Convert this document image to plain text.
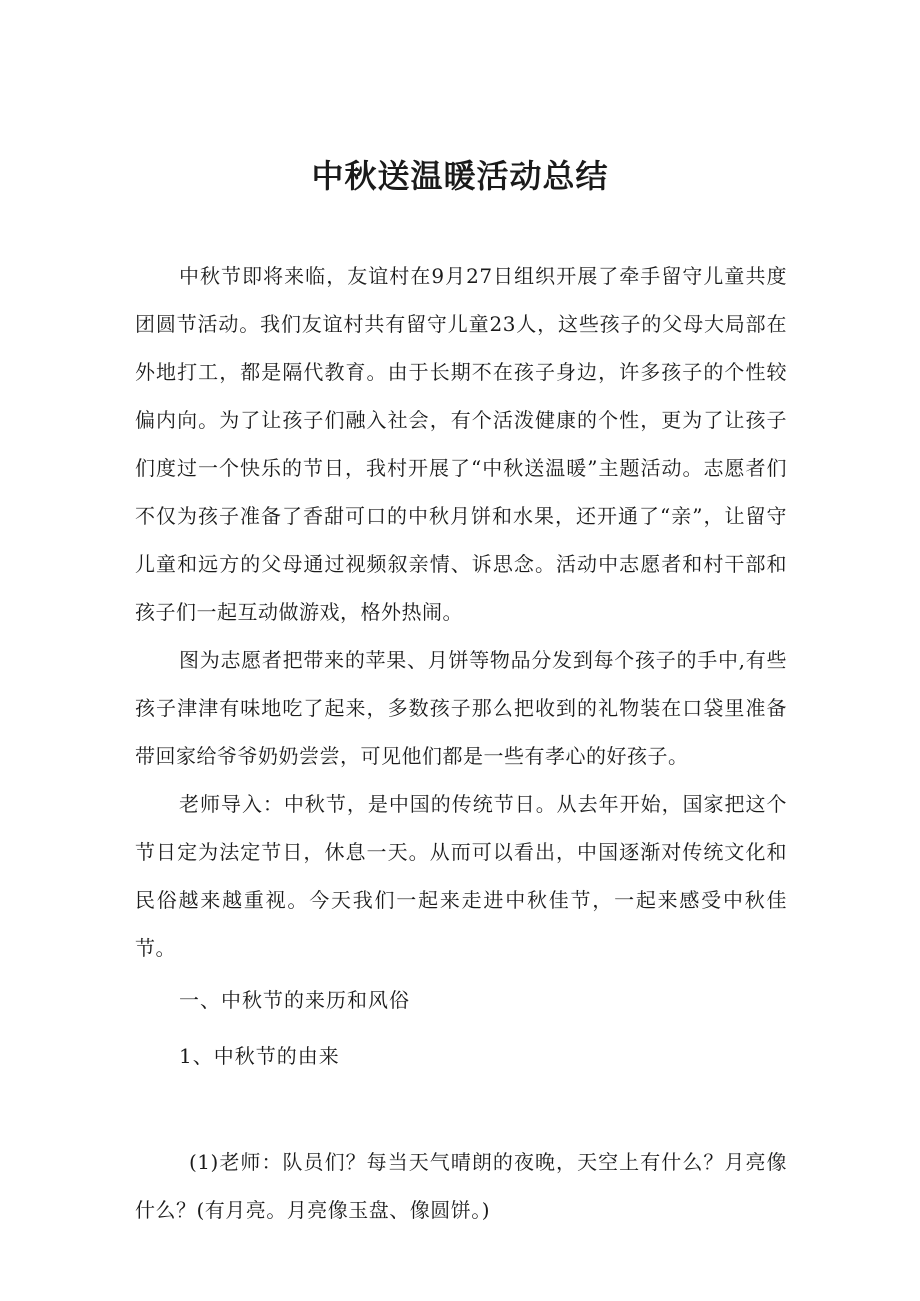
中秋送温暖活动总结

中秋节即将来临，友谊村在9月27日组织开展了牵手留守儿童共度团圆节活动。我们友谊村共有留守儿童23人，这些孩子的父母大局部在外地打工，都是隔代教育。由于长期不在孩子身边，许多孩子的个性较偏内向。为了让孩子们融入社会，有个活泼健康的个性，更为了让孩子们度过一个快乐的节日，我村开展了“中秋送温暖”主题活动。志愿者们不仅为孩子准备了香甜可口的中秋月饼和水果，还开通了“亲”，让留守儿童和远方的父母通过视频叙亲情、诉思念。活动中志愿者和村干部和孩子们一起互动做游戏，格外热闹。

图为志愿者把带来的苹果、月饼等物品分发到每个孩子的手中,有些孩子津津有味地吃了起来，多数孩子那么把收到的礼物装在口袋里准备带回家给爷爷奶奶尝尝，可见他们都是一些有孝心的好孩子。

老师导入：中秋节，是中国的传统节日。从去年开始，国家把这个节日定为法定节日，休息一天。从而可以看出，中国逐渐对传统文化和民俗越来越重视。今天我们一起来走进中秋佳节，一起来感受中秋佳节。

一、中秋节的来历和风俗

1、中秋节的由来

(1)老师：队员们？每当天气晴朗的夜晚，天空上有什么？月亮像什么？(有月亮。月亮像玉盘、像圆饼。)
